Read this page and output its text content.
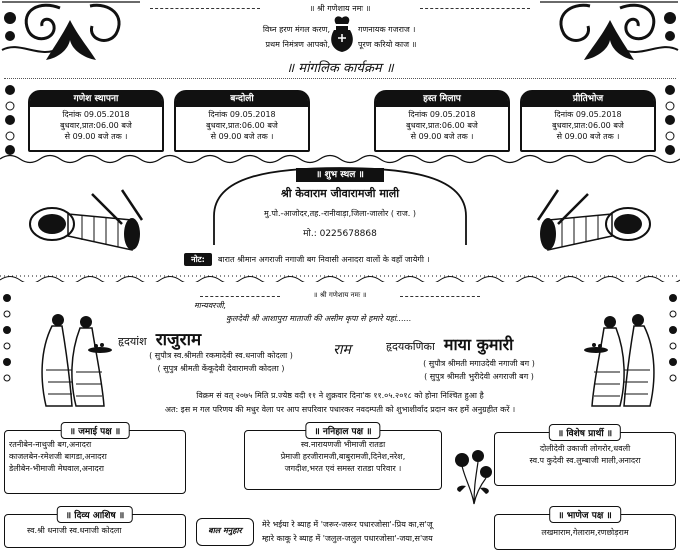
॥ श्री गणेशाय नमः ॥
विघ्न हरण मंगल करण,
प्रथम निमंत्रण आपको,
गणनायक गजराज ।
पूरण करियो काज ॥
॥ मांगलिक कार्यक्रम ॥
गणेश स्थापना
दिनांक 09.05.2018
बुधवार,प्रात:06.00 बजे
से 09.00 बजे तक ।
बन्दोली
दिनांक 09.05.2018
बुधवार,प्रात:06.00 बजे
से 09.00 बजे तक ।
हस्त मिलाप
दिनांक 09.05.2018
बुधवार,प्रात:06.00 बजे
से 09.00 बजे तक ।
प्रीतिभोज
दिनांक 09.05.2018
बुधवार,प्रात:06.00 बजे
से 09.00 बजे तक ।
॥ शुभ स्थल ॥
श्री केवाराम जीवारामजी माली
मु.पो.-आजोदर,तह.-रानीवाड़ा,जिला-जालोर ( राज. )
मो.: 0225678868
नोट:	बारात श्रीमान अगराजी नगाजी बग निवासी अनादरा वालों के वहाँ जायेगी ।
॥ श्री गणेशाय नमः ॥
मान्यवरजी,
कुलदेवी श्री आशापुरा माताजी की असीम कृपा से हमारे यहां......
हृदयांश राजुराम
( सुपौत्र स्व.श्रीमती रकमादेवी स्व.धनाजी कोदला )
( सुपुत्र श्रीमती केंकूदेवी देवारामजी कोदला )
राम	हृदयकणिका माया कुमारी
( सुपौत्र श्रीमती मगाउदेवी नगाजी बग )
( सुपुत्र श्रीमती भुरीदेवी अगराजी बग )
विक्रम सं वत् २०७५ मिति प्र.ज्येष्ठ वदी ११ ने शुक्रवार दिना'क ११.०५.२०१८ को होना निश्चित हुआ है
अत: इस म गल परिणय की मधुर वेला पर आप सपरिवार पधारकर नवदम्पती को शुभाशीर्वाद प्रदान कर हमें अनुग्रहीत करें ।
॥ जमाई पक्ष ॥
रतनीबेन-नाथुजी बग,अनादरा
काजलबेन-रमेशजी बागडा,अनादरा
डेलीबेन-भीमाजी मेघवाल,अनादरा
॥ ननिहाल पक्ष ॥
स्व.नारायणजी भीमाजी रातडा
प्रेमाजी हरजीरामजी,बाबुरामजी,दिनेश,नरेश,
जगदीश,भरत एवं समस्त रातडा परिवार ।
॥ विशेष प्रार्थी ॥
दोलीदेवी उकाजी लोगरोर,धवली
स्व.प कुदेवी स्व.लुम्बाजी माली,अनादरा
॥ दिव्य आशिष ॥
स्व.श्री धनाजी स्व.धनाजी कोदला	बाल मनुहार
मेरे भईया रे ब्याह में 'जरूर-जरूर पधारजोसा'-प्रिय का,स'जू
म्हारे काकू रे ब्याह में 'जलुल-जलुल पधारजोसा'-जया,स'जय
॥ भाणेज पक्ष ॥
लखमाराम,गेलाराम,रणछोड़राम
